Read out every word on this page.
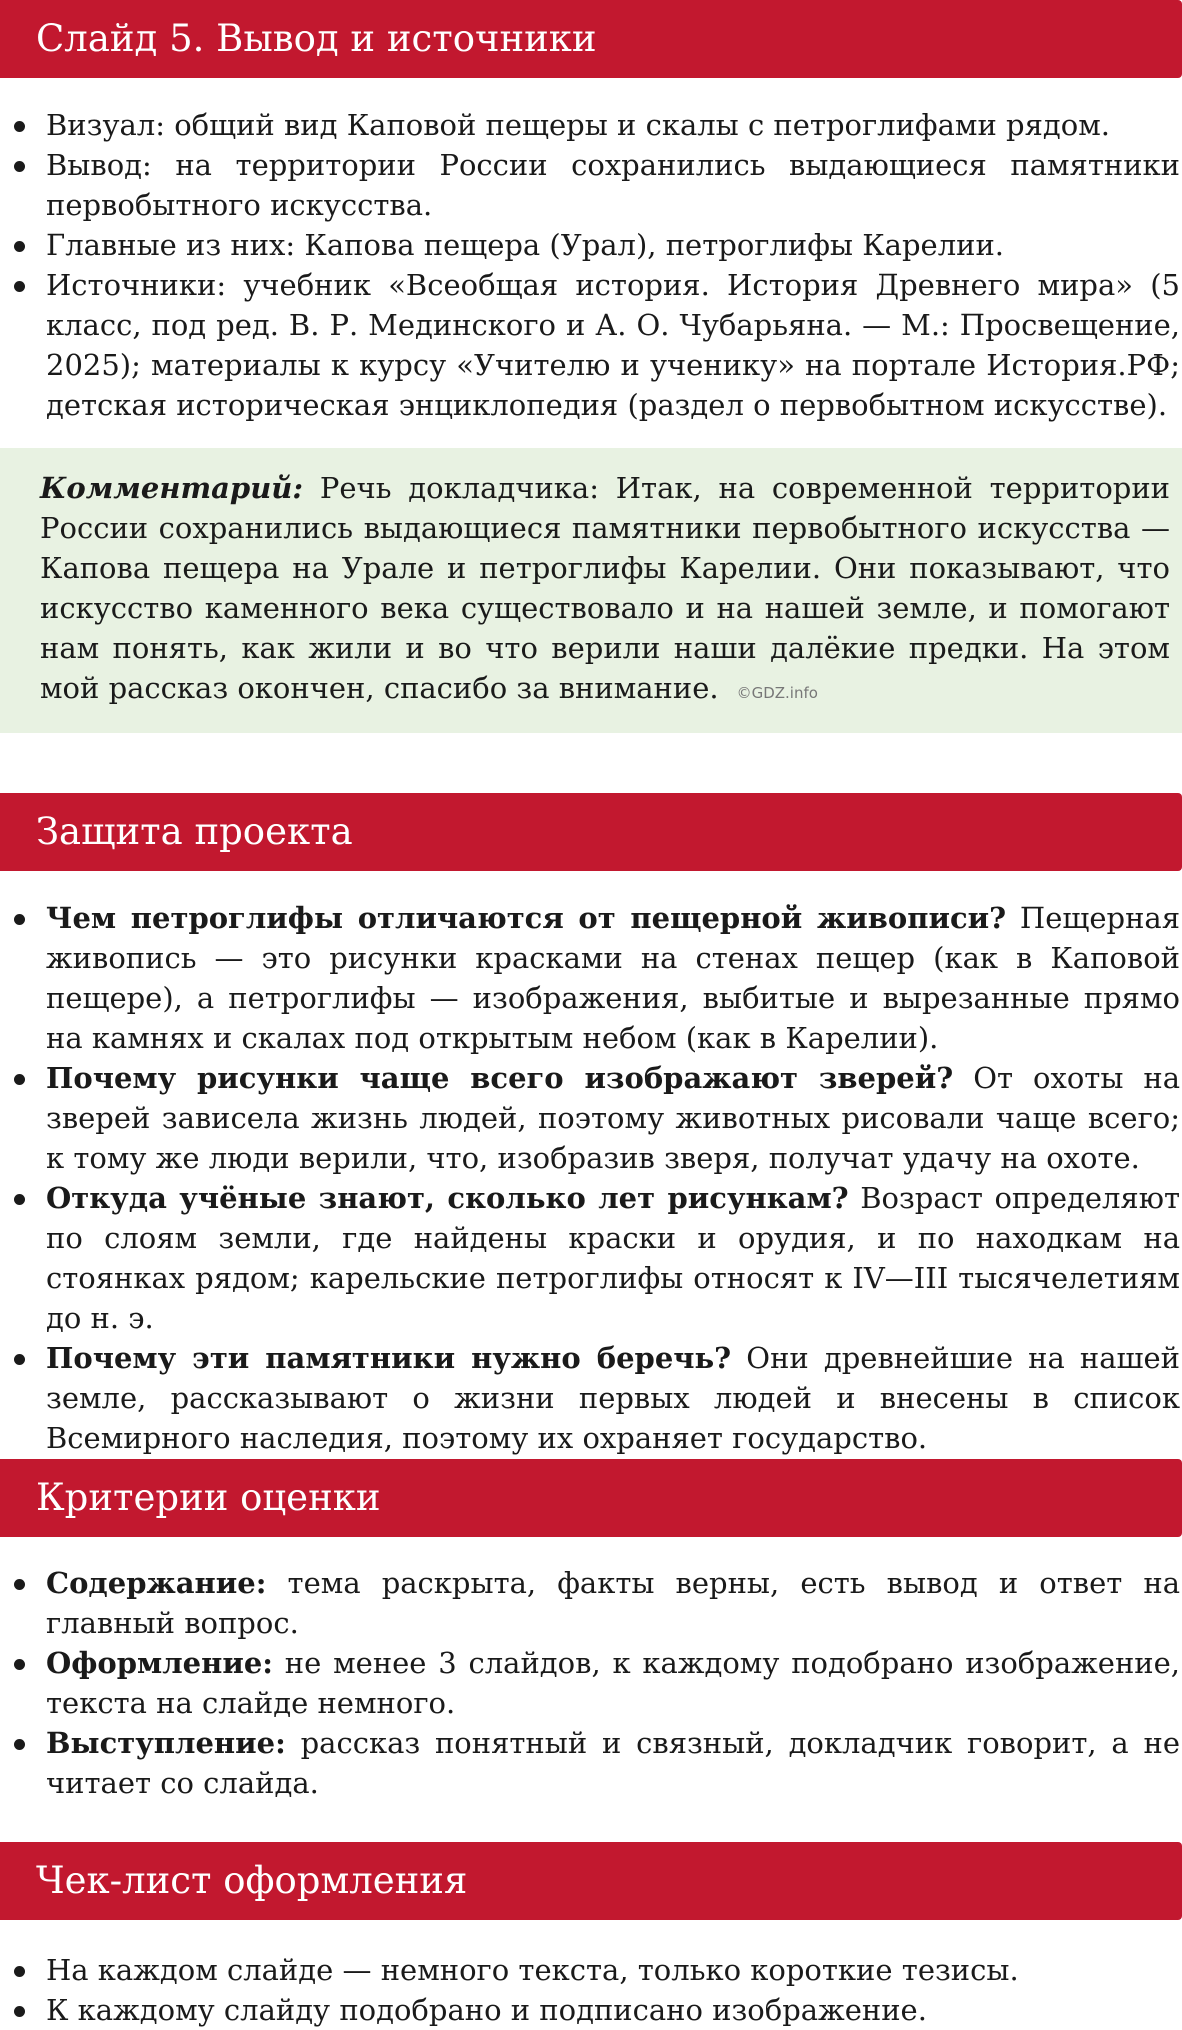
Слайд 5. Вывод и источники
Визуал: общий вид Каповой пещеры и скалы с петроглифами рядом.
Вывод: на территории России сохранились выдающиеся памятники первобытного искусства.
Главные из них: Капова пещера (Урал), петроглифы Карелии.
Источники: учебник «Всеобщая история. История Древнего мира» (5 класс, под ред. В. Р. Мединского и А. О. Чубарьяна. — М.: Просвещение, 2025); материалы к курсу «Учителю и ученику» на портале История.РФ; детская историческая энциклопедия (раздел о первобытном искусстве).

Комментарий: Речь докладчика: Итак, на современной территории России сохранились выдающиеся памятники первобытного искусства — Капова пещера на Урале и петроглифы Карелии. Они показывают, что искусство каменного века существовало и на нашей земле, и помогают нам понять, как жили и во что верили наши далёкие предки. На этом мой рассказ окончен, спасибо за внимание. ©GDZ.info

Защита проекта
Чем петроглифы отличаются от пещерной живописи? Пещерная живопись — это рисунки красками на стенах пещер (как в Каповой пещере), а петроглифы — изображения, выбитые и вырезанные прямо на камнях и скалах под открытым небом (как в Карелии).
Почему рисунки чаще всего изображают зверей? От охоты на зверей зависела жизнь людей, поэтому животных рисовали чаще всего; к тому же люди верили, что, изобразив зверя, получат удачу на охоте.
Откуда учёные знают, сколько лет рисункам? Возраст определяют по слоям земли, где найдены краски и орудия, и по находкам на стоянках рядом; карельские петроглифы относят к IV—III тысячелетиям до н. э.
Почему эти памятники нужно беречь? Они древнейшие на нашей земле, рассказывают о жизни первых людей и внесены в список Всемирного наследия, поэтому их охраняет государство.
Критерии оценки
Содержание: тема раскрыта, факты верны, есть вывод и ответ на главный вопрос.
Оформление: не менее 3 слайдов, к каждому подобрано изображение, текста на слайде немного.
Выступление: рассказ понятный и связный, докладчик говорит, а не читает со слайда.
Чек-лист оформления
На каждом слайде — немного текста, только короткие тезисы.
К каждому слайду подобрано и подписано изображение.
